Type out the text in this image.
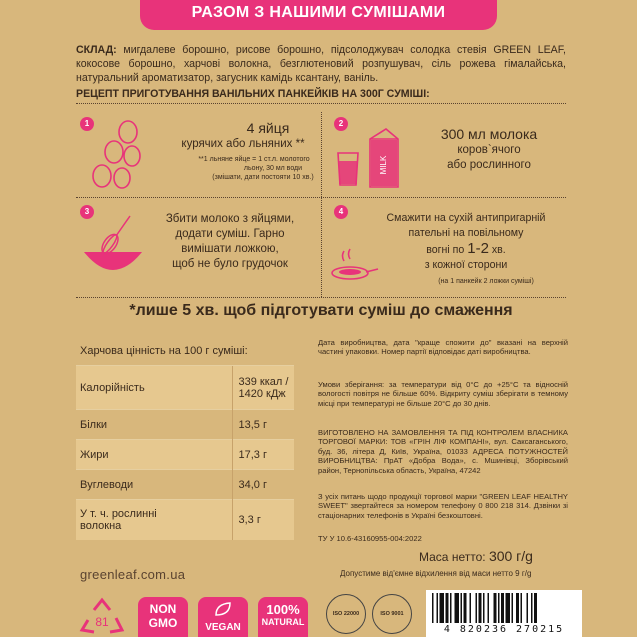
РАЗОМ З НАШИМИ СУМІШАМИ
СКЛАД: мигдалеве борошно, рисове борошно, підсолоджувач солодка стевія GREEN LEAF, кокосове борошно, харчові волокна, безглютеновий розпушувач, сіль рожева гімалайська, натуральний ароматизатор, загусник камідь ксантану, ваніль.
РЕЦЕПТ ПРИГОТУВАННЯ ВАНІЛЬНИХ ПАНКЕЙКІВ НА 300Г СУМІШІ:
1	4 яйця
курячих або льняних **
**1 льняне яйце = 1 ст.л. молотого
льону, 30 мл води
(змішати, дати постояти 10 хв.)
2
MILK
300 мл молока
коров`ячого
або рослинного
3
Збити молоко з яйцями,
додати суміш. Гарно
вимішати ложкою,
щоб не було грудочок
4
Смажити на сухій антипригарній
пательні на повільному
вогні по 1-2 хв.
з кожної сторони
(на 1 панкейк 2 ложки суміші)
*лише 5 хв. щоб підготувати суміш до смаження
Харчова цінність на 100 г суміші:
Калорійність	339 ккал /
1420 кДж

Білки	13,5 г
Жири	17,3 г
Вуглеводи	34,0 г

У т. ч. рослинні
волокна	3,3 г
Дата виробництва, дата "краще спожити до" вказані на верхній частині упаковки. Номер партії відповідає даті виробництва.
Умови зберігання: за температури від 0°С до +25°С та відносній вологості повітря не більше 60%. Відкриту суміш зберігати в темному місці при температурі не більше 20°С до 30 днів.
ВИГОТОВЛЕНО НА ЗАМОВЛЕННЯ ТА ПІД КОНТРОЛЕМ ВЛАСНИКА ТОРГОВОЇ МАРКИ: ТОВ «ГРІН ЛІФ КОМПАНІ», вул. Саксаганського, буд. 36, літера Д, Київ, Україна, 01033 АДРЕСА ПОТУЖНОСТЕЙ ВИРОБНИЦТВА: ПрАТ «Добра Вода», с. Мшинівці, Зборівський район, Тернопільська область, Україна, 47242
З усіх питань щодо продукції торгової марки "GREEN LEAF HEALTHY SWEET" звертайтеся за номером телефону 0 800 218 314. Дзвінки зі стаціонарних телефонів в Україні безкоштовні.
ТУ У 10.6-43160955-004:2022
Маса нетто: 300 г/g
Допустиме від'ємне відхилення від маси нетто 9 г/g
greenleaf.com.ua
81
NON
GMO	VEGAN
100%
NATURAL
ISO 22000	ISO 9001
4 820236 270215
